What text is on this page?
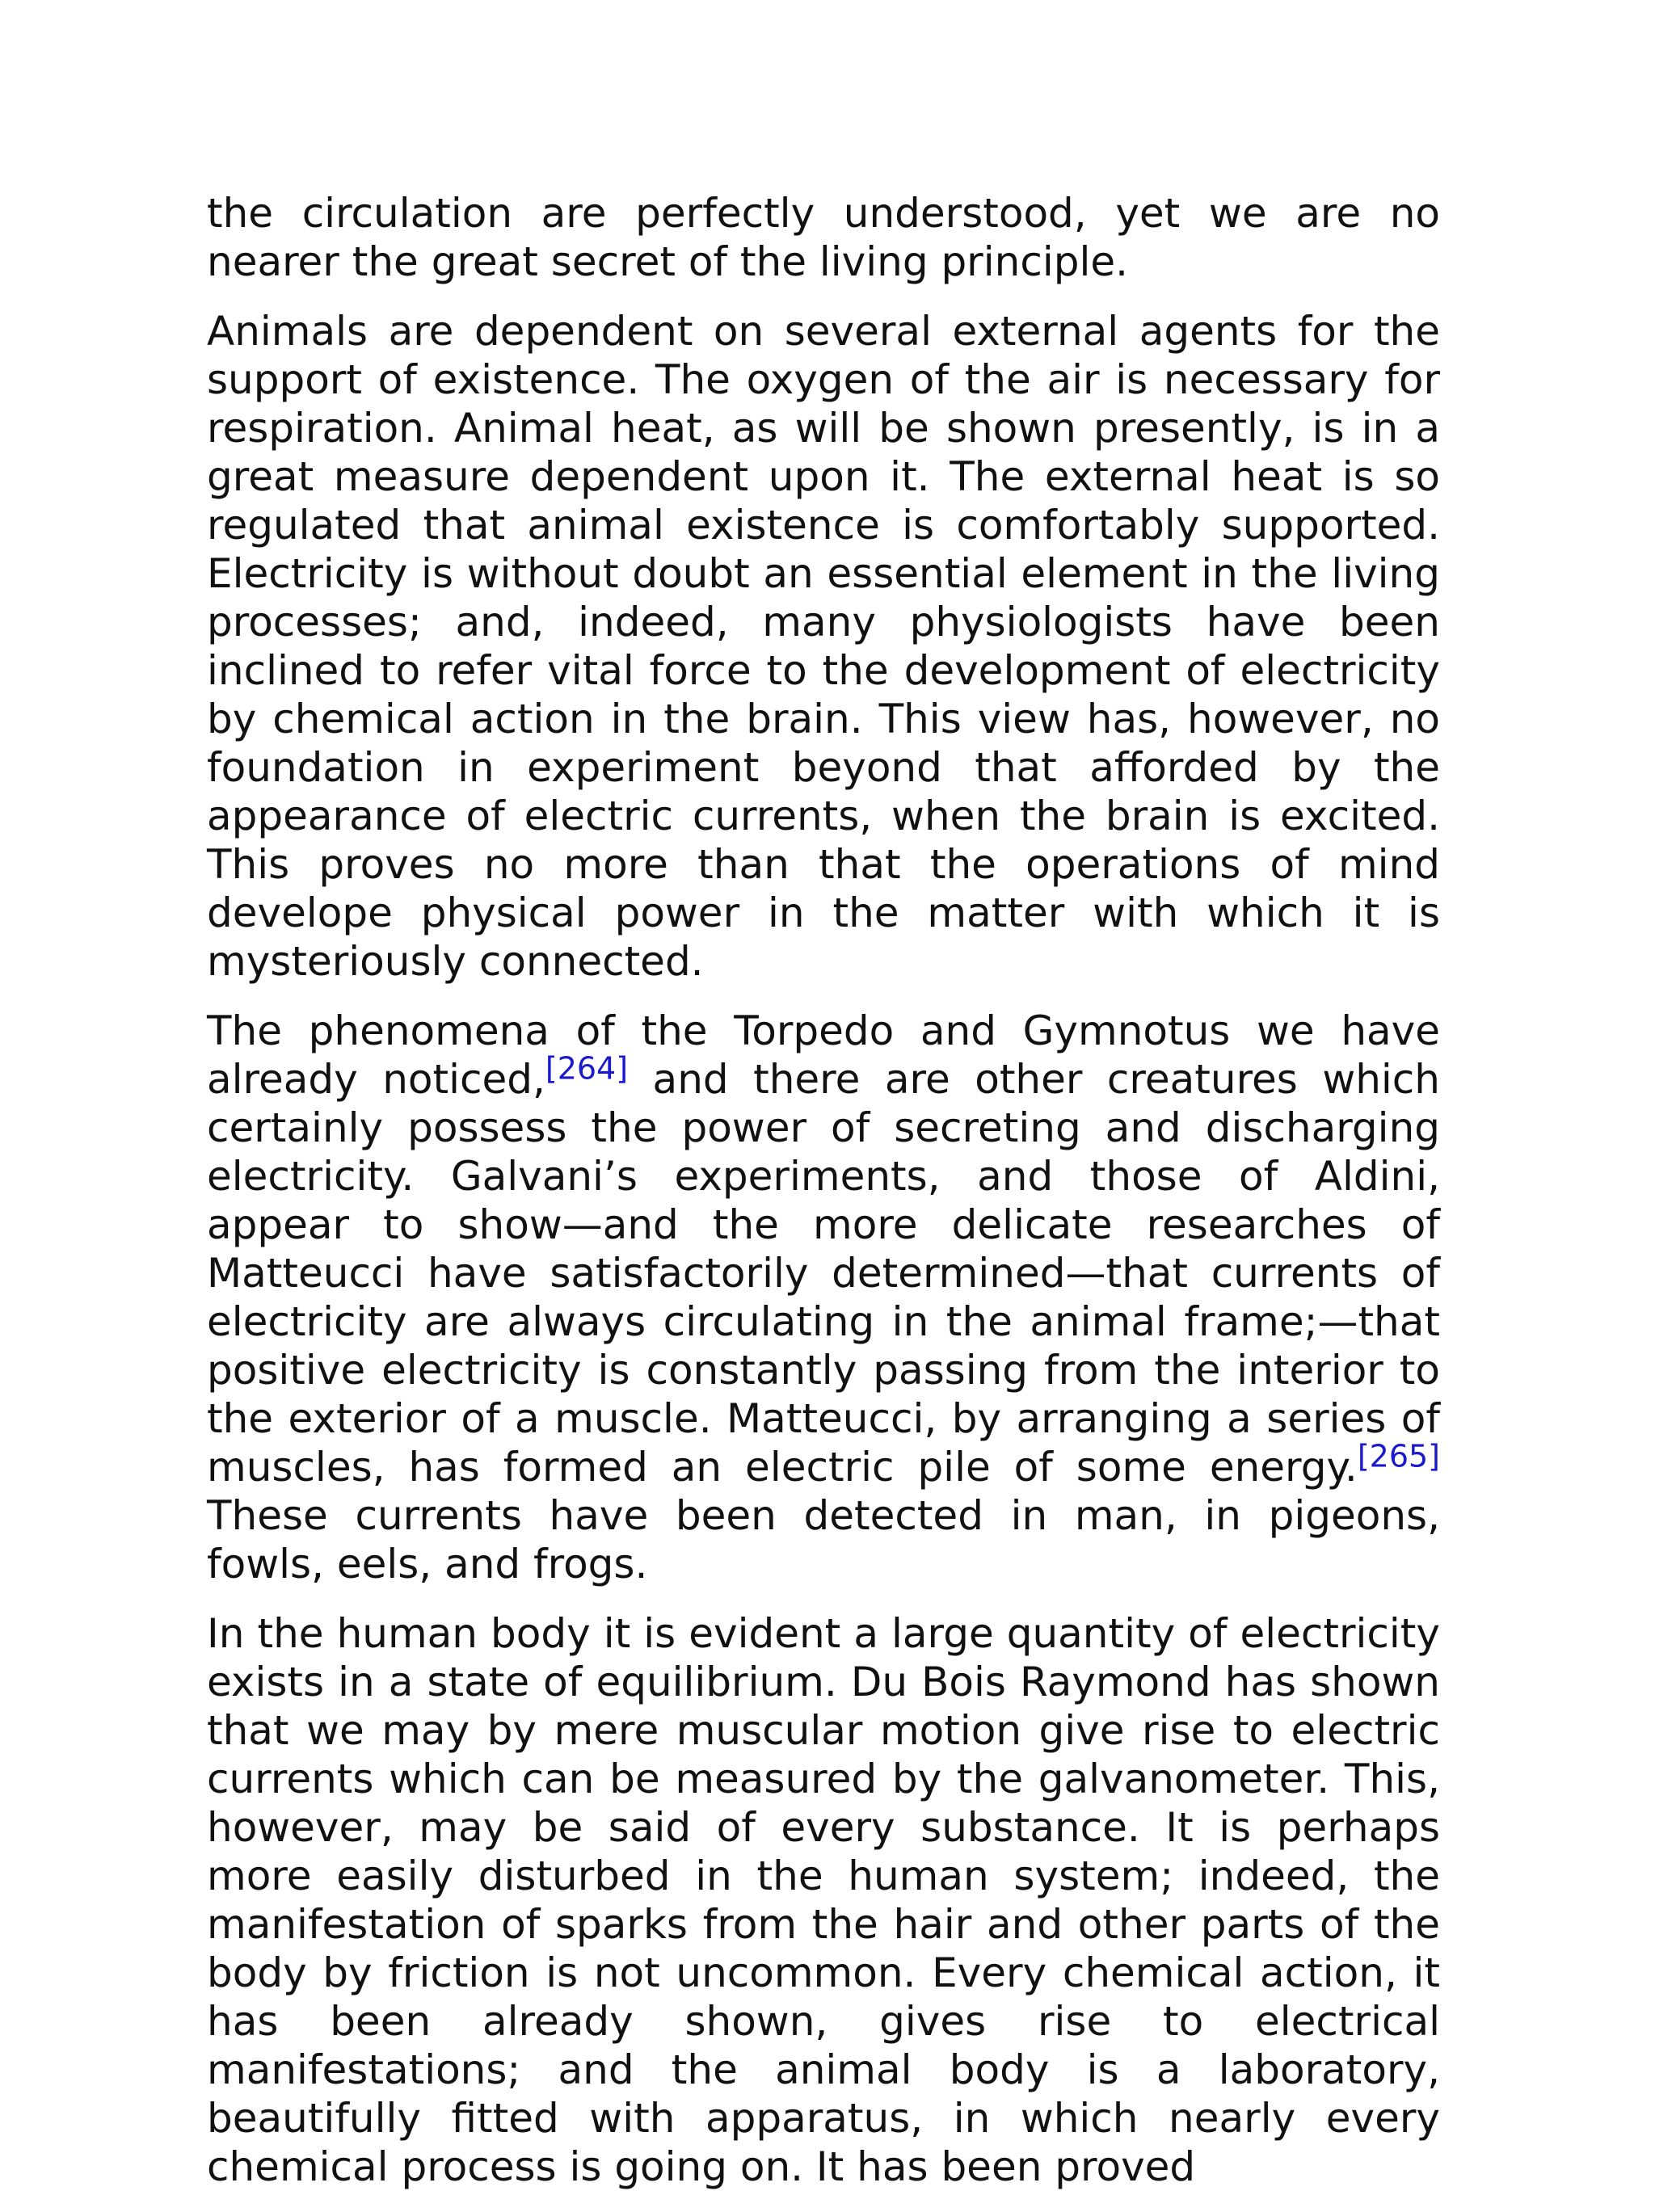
the circulation are perfectly understood, yet we are no nearer the great secret of the living principle.

Animals are dependent on several external agents for the support of existence. The oxygen of the air is necessary for respiration. Animal heat, as will be shown presently, is in a great measure dependent upon it. The external heat is so regulated that animal existence is comfortably supported. Electricity is without doubt an essential element in the living processes; and, indeed, many physiologists have been inclined to refer vital force to the development of electricity by chemical action in the brain. This view has, however, no foundation in experiment beyond that afforded by the appearance of electric currents, when the brain is excited. This proves no more than that the operations of mind develope physical power in the matter with which it is mysteriously connected.

The phenomena of the Torpedo and Gymnotus we have already noticed,[264] and there are other creatures which certainly possess the power of secreting and discharging electricity. Galvani’s experiments, and those of Aldini, appear to show—and the more delicate researches of Matteucci have satisfactorily determined—that currents of electricity are always circulating in the animal frame;—that positive electricity is constantly passing from the interior to the exterior of a muscle. Matteucci, by arranging a series of muscles, has formed an electric pile of some energy.[265] These currents have been detected in man, in pigeons, fowls, eels, and frogs.

In the human body it is evident a large quantity of electricity exists in a state of equilibrium. Du Bois Raymond has shown that we may by mere muscular motion give rise to electric currents which can be measured by the galvanometer. This, however, may be said of every substance. It is perhaps more easily disturbed in the human system; indeed, the manifestation of sparks from the hair and other parts of the body by friction is not uncommon. Every chemical action, it has been already shown, gives rise to electrical manifestations; and the animal body is a laboratory, beautifully fitted with apparatus, in which nearly every chemical process is going on. It has been proved
